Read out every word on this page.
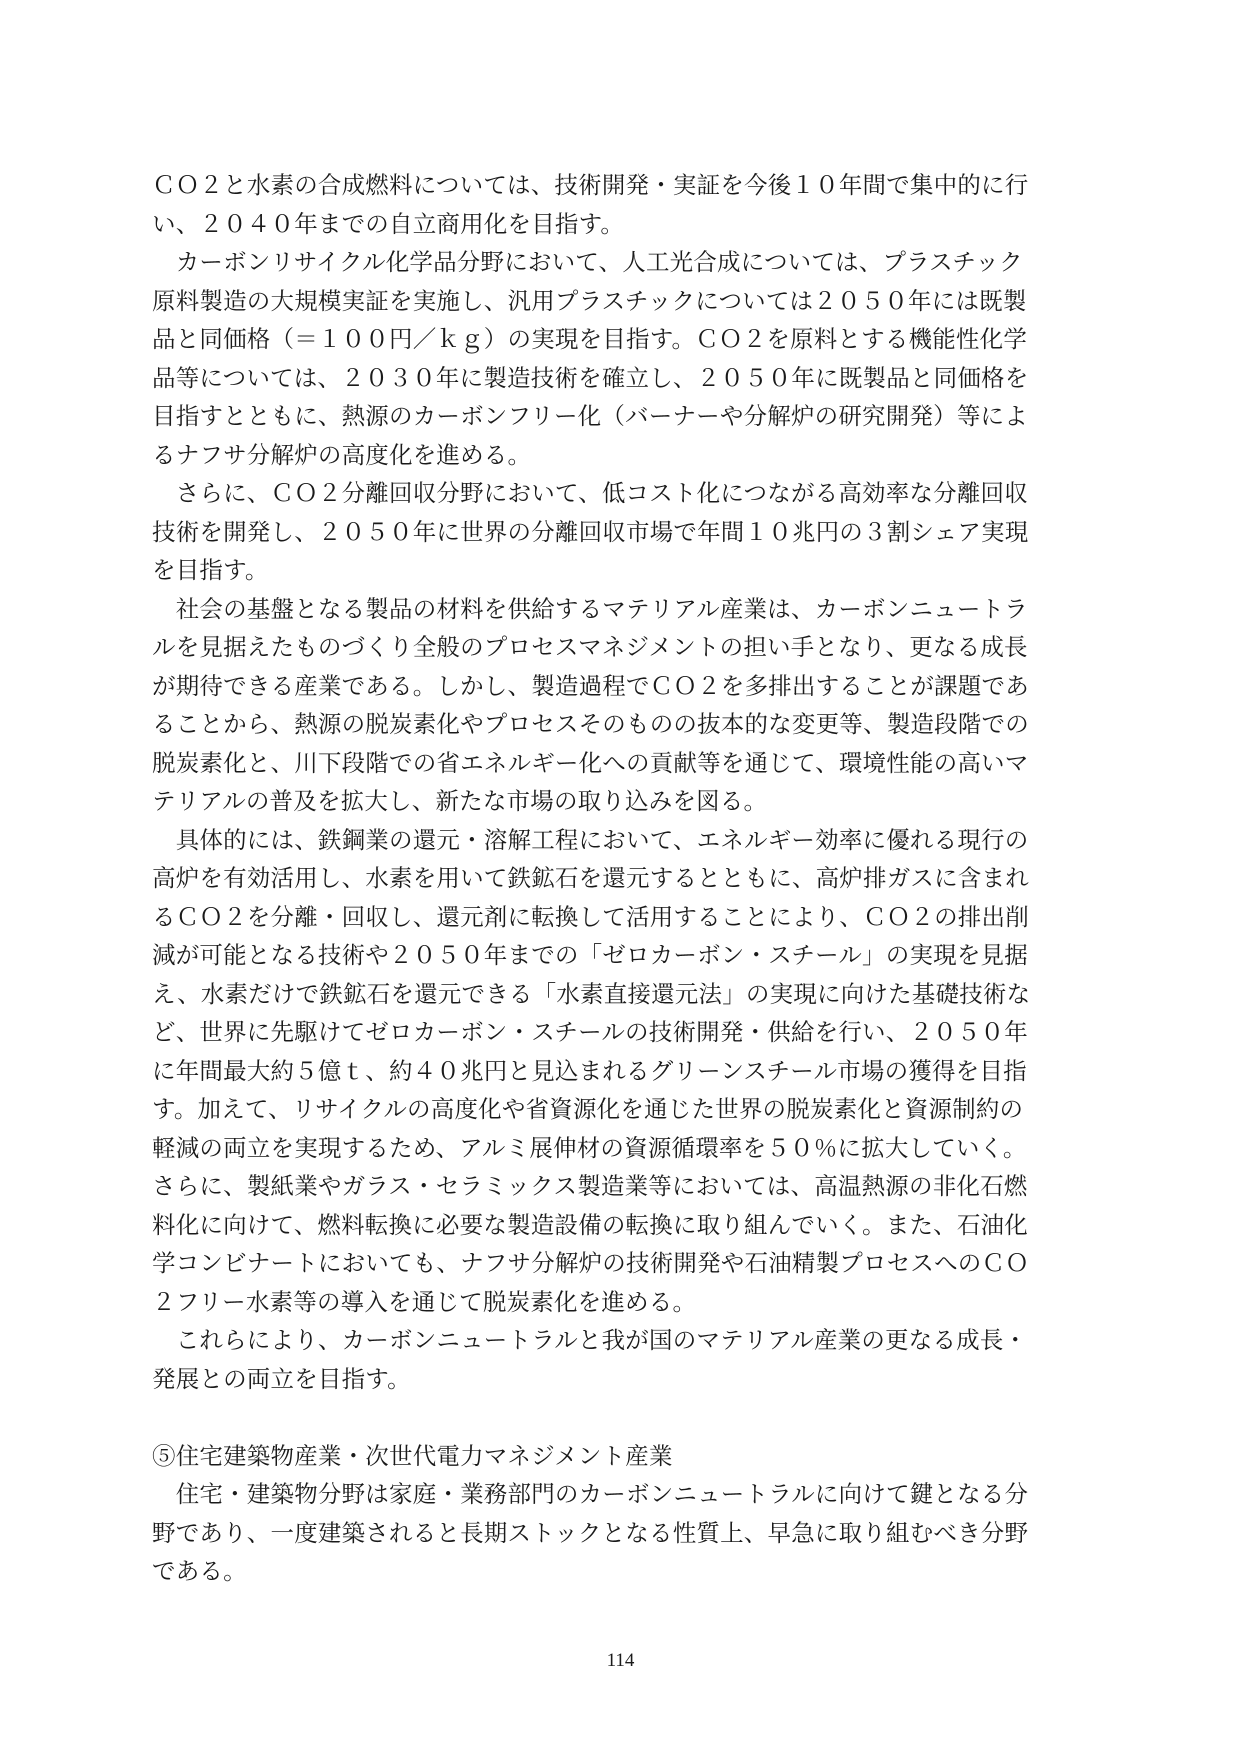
ＣＯ２と水素の合成燃料については、技術開発・実証を今後１０年間で集中的に行
い、２０４０年までの自立商用化を目指す。
　カーボンリサイクル化学品分野において、人工光合成については、プラスチック
原料製造の大規模実証を実施し、汎用プラスチックについては２０５０年には既製
品と同価格（＝１００円／ｋｇ）の実現を目指す。ＣＯ２を原料とする機能性化学
品等については、２０３０年に製造技術を確立し、２０５０年に既製品と同価格を
目指すとともに、熱源のカーボンフリー化（バーナーや分解炉の研究開発）等によ
るナフサ分解炉の高度化を進める。
　さらに、ＣＯ２分離回収分野において、低コスト化につながる高効率な分離回収
技術を開発し、２０５０年に世界の分離回収市場で年間１０兆円の３割シェア実現
を目指す。
　社会の基盤となる製品の材料を供給するマテリアル産業は、カーボンニュートラ
ルを見据えたものづくり全般のプロセスマネジメントの担い手となり、更なる成長
が期待できる産業である。しかし、製造過程でＣＯ２を多排出することが課題であ
ることから、熱源の脱炭素化やプロセスそのものの抜本的な変更等、製造段階での
脱炭素化と、川下段階での省エネルギー化への貢献等を通じて、環境性能の高いマ
テリアルの普及を拡大し、新たな市場の取り込みを図る。
　具体的には、鉄鋼業の還元・溶解工程において、エネルギー効率に優れる現行の
高炉を有効活用し、水素を用いて鉄鉱石を還元するとともに、高炉排ガスに含まれ
るＣＯ２を分離・回収し、還元剤に転換して活用することにより、ＣＯ２の排出削
減が可能となる技術や２０５０年までの「ゼロカーボン・スチール」の実現を見据
え、水素だけで鉄鉱石を還元できる「水素直接還元法」の実現に向けた基礎技術な
ど、世界に先駆けてゼロカーボン・スチールの技術開発・供給を行い、２０５０年
に年間最大約５億ｔ、約４０兆円と見込まれるグリーンスチール市場の獲得を目指
す。加えて、リサイクルの高度化や省資源化を通じた世界の脱炭素化と資源制約の
軽減の両立を実現するため、アルミ展伸材の資源循環率を５０％に拡大していく。
さらに、製紙業やガラス・セラミックス製造業等においては、高温熱源の非化石燃
料化に向けて、燃料転換に必要な製造設備の転換に取り組んでいく。また、石油化
学コンビナートにおいても、ナフサ分解炉の技術開発や石油精製プロセスへのＣＯ
２フリー水素等の導入を通じて脱炭素化を進める。
　これらにより、カーボンニュートラルと我が国のマテリアル産業の更なる成長・
発展との両立を目指す。
⑤住宅建築物産業・次世代電力マネジメント産業
　住宅・建築物分野は家庭・業務部門のカーボンニュートラルに向けて鍵となる分
野であり、一度建築されると長期ストックとなる性質上、早急に取り組むべき分野
である。
114
